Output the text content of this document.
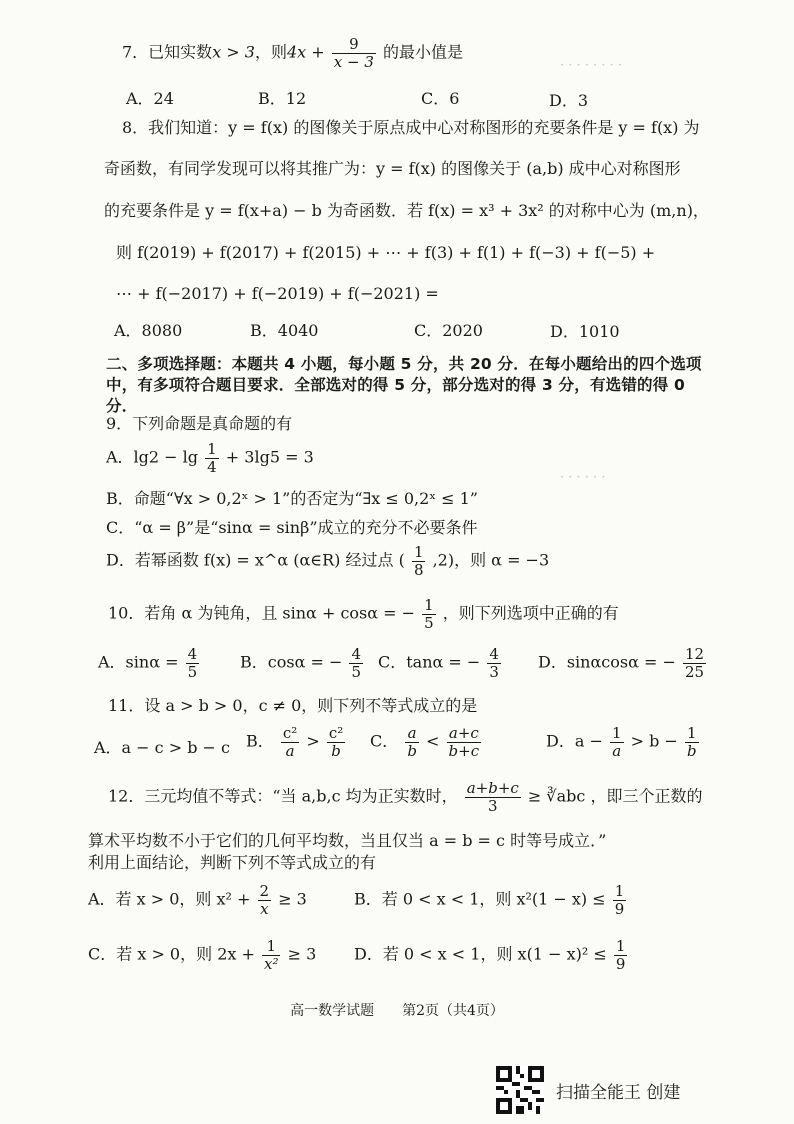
· · · · · · · ·
· · · · · ·
7．已知实数x > 3，则$4x + \frac{9}{x - 3}$ 的最小值是
A．24	B．12	C．6	D．3
8．我们知道：y = f(x) 的图像关于原点成中心对称图形的充要条件是 y = f(x) 为
奇函数，有同学发现可以将其推广为：y = f(x) 的图像关于 (a,b) 成中心对称图形
的充要条件是 y = f(x+a) − b 为奇函数．若 f(x) = x³ + 3x² 的对称中心为 (m,n)，
则 f(2019) + f(2017) + f(2015) + ⋯ + f(3) + f(1) + f(−3) + f(−5) +
⋯ + f(−2017) + f(−2019) + f(−2021) =
A．8080	B．4040	C．2020	D．1010
二、多项选择题：本题共 4 小题，每小题 5 分，共 20 分．在每小题给出的四个选项
中，有多项符合题目要求．全部选对的得 5 分，部分选对的得 3 分，有选错的得 0
分．
9．下列命题是真命题的有
A．$\lg 2 - \lg \frac{1}{4} + 3\lg 5 = 3$
B．命题“∀x > 0,2ˣ > 1”的否定为“∃x ≤ 0,2ˣ ≤ 1”
C．“α = β”是“sinα = sinβ”成立的充分不必要条件
D．若幂函数 f(x) = x^α (α∈R) 经过点 ( $\frac{1}{8} ,2$)，则 α = −3
10．若角 α 为钝角，且 sinα + cosα = − $\frac{1}{5}$ ，则下列选项中正确的有
A．$\sin\alpha = \frac{4}{5}$	B．cosα = − $\frac{4}{5}$ C．tanα = − $\frac{4}{3}$ D．sinαcosα = − $\frac{12}{25}$
11．设 a > b > 0，c ≠ 0，则下列不等式成立的是
A．a − c > b − c B． $\frac{\text{c²}}{a} > \frac{\text{c²}}{b}$ C． $\frac{a}{b} < \frac{a+c}{b+c}$	D．$a - \frac{1}{a} > b - \frac{1}{b}$
12．三元均值不等式：“当 a,b,c 均为正实数时， $\frac{a+b+c}{3}$ ≥ ∛abc ，即三个正数的
算术平均数不小于它们的几何平均数，当且仅当 a = b = c 时等号成立．”
利用上面结论，判断下列不等式成立的有
A．若 x > 0，则 $x^2 + \frac{2}{x} \ge 3$	B．若 0 < x < 1，则 $x^2(1 - x) \le \frac{1}{9}$
C．若 x > 0，则 $2x + \frac{1}{\text{x²}} \ge 3$ D．若 0 < x < 1，则 $x(1 - x)^2 \le \frac{1}{9}$
高一数学试题　　第2页（共4页）
扫描全能王 创建
